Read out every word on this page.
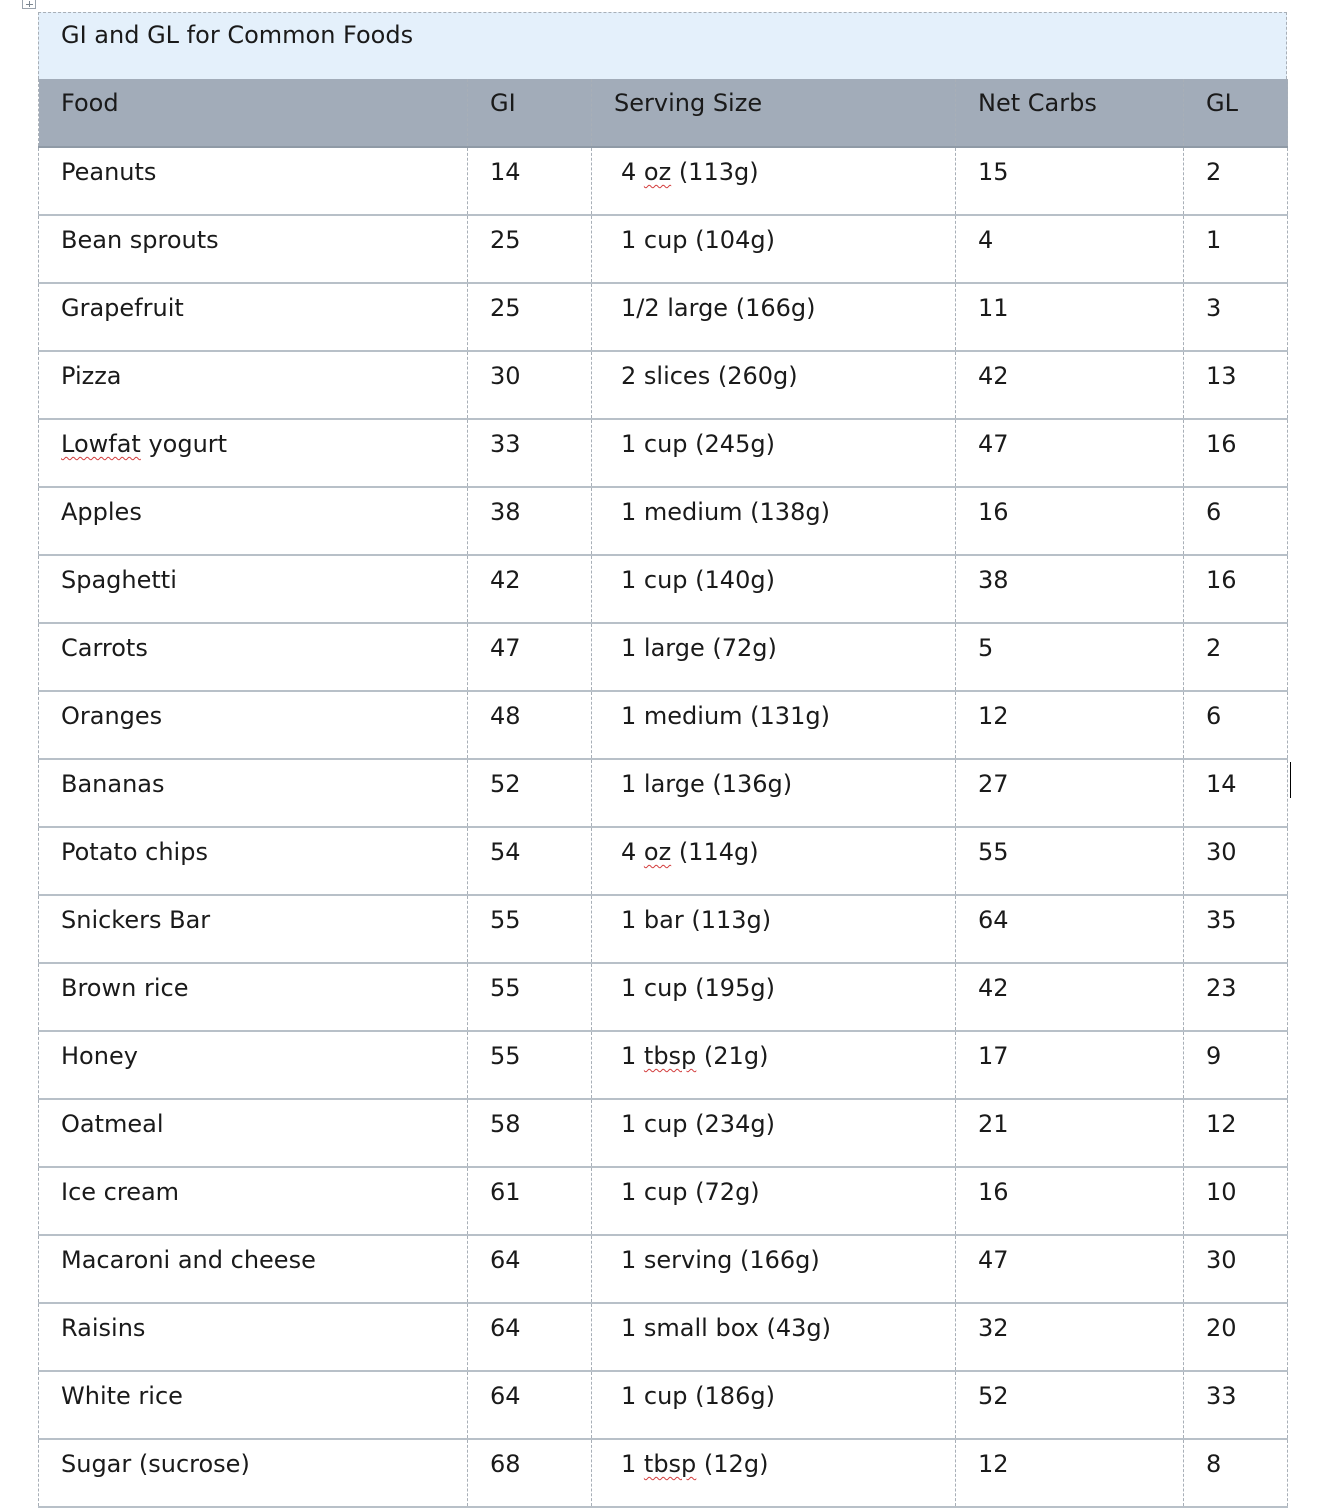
GI and GL for Common Foods
Food	GI	Serving Size	Net Carbs	GL
Peanuts	14	4 oz (113g)	15	2
Bean sprouts	25	1 cup (104g)	4	1
Grapefruit	25	1/2 large (166g)	11	3
Pizza	30	2 slices (260g)	42	13
Lowfat yogurt	33	1 cup (245g)	47	16
Apples	38	1 medium (138g)	16	6
Spaghetti	42	1 cup (140g)	38	16
Carrots	47	1 large (72g)	5	2
Oranges	48	1 medium (131g)	12	6
Bananas	52	1 large (136g)	27	14
Potato chips	54	4 oz (114g)	55	30
Snickers Bar	55	1 bar (113g)	64	35
Brown rice	55	1 cup (195g)	42	23
Honey	55	1 tbsp (21g)	17	9
Oatmeal	58	1 cup (234g)	21	12
Ice cream	61	1 cup (72g)	16	10
Macaroni and cheese	64	1 serving (166g)	47	30
Raisins	64	1 small box (43g)	32	20
White rice	64	1 cup (186g)	52	33
Sugar (sucrose)	68	1 tbsp (12g)	12	8
